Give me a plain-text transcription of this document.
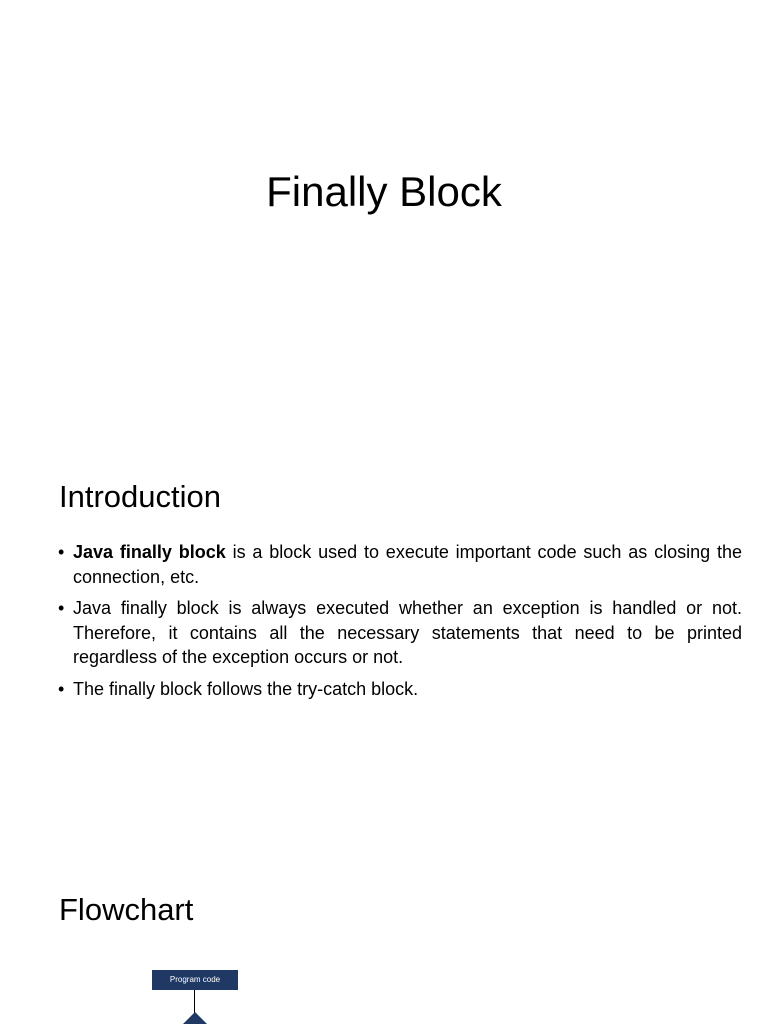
Finally Block
Introduction
• Java finally block is a block used to execute important code such as closing the connection, etc.
• Java finally block is always executed whether an exception is handled or not. Therefore, it contains all the necessary statements that need to be printed regardless of the exception occurs or not.
• The finally block follows the try-catch block.
Flowchart
Program code
